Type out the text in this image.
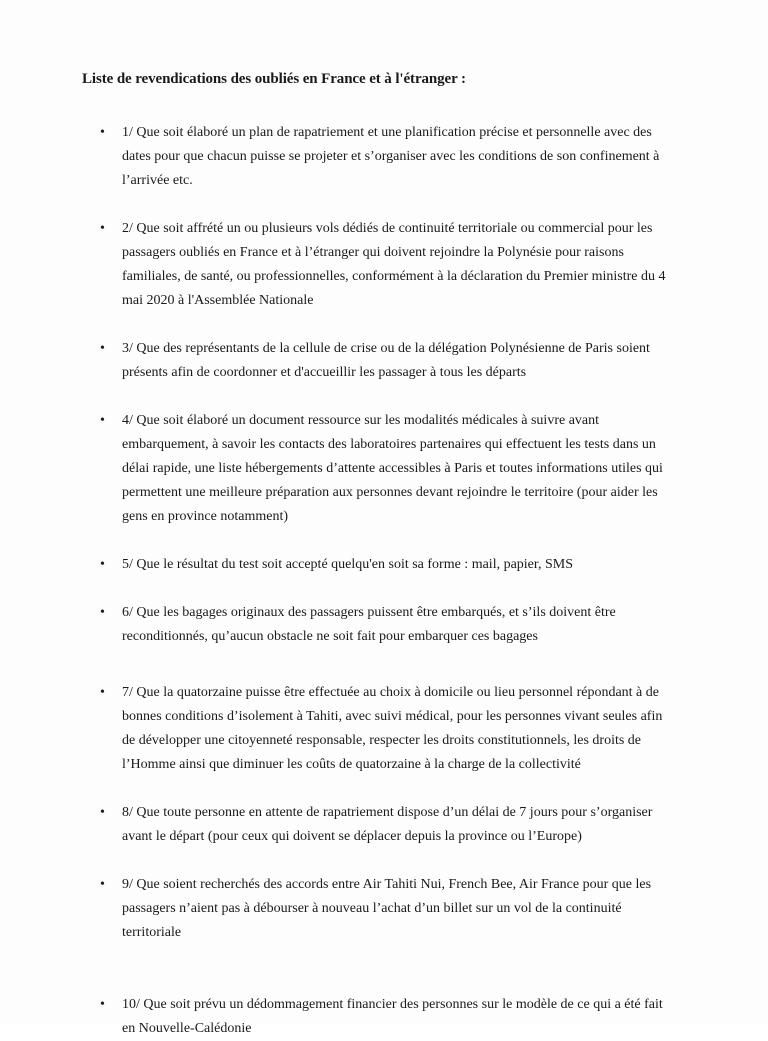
Liste de revendications des oubliés en France et à l'étranger :
• 1/ Que soit élaboré un plan de rapatriement et une planification précise et personnelle avec des
dates pour que chacun puisse se projeter et s’organiser avec les conditions de son confinement à
l’arrivée etc.
• 2/ Que soit affrété un ou plusieurs vols dédiés de continuité territoriale ou commercial pour les
passagers oubliés en France et à l’étranger qui doivent rejoindre la Polynésie pour raisons
familiales, de santé, ou professionnelles, conformément à la déclaration du Premier ministre du 4
mai 2020 à l'Assemblée Nationale
• 3/ Que des représentants de la cellule de crise ou de la délégation Polynésienne de Paris soient
présents afin de coordonner et d'accueillir les passager à tous les départs
• 4/ Que soit élaboré un document ressource sur les modalités médicales à suivre avant
embarquement, à savoir les contacts des laboratoires partenaires qui effectuent les tests dans un
délai rapide, une liste hébergements d’attente accessibles à Paris et toutes informations utiles qui
permettent une meilleure préparation aux personnes devant rejoindre le territoire (pour aider les
gens en province notamment)
• 5/ Que le résultat du test soit accepté quelqu'en soit sa forme : mail, papier, SMS
• 6/ Que les bagages originaux des passagers puissent être embarqués, et s’ils doivent être
reconditionnés, qu’aucun obstacle ne soit fait pour embarquer ces bagages
• 7/ Que la quatorzaine puisse être effectuée au choix à domicile ou lieu personnel répondant à de
bonnes conditions d’isolement à Tahiti, avec suivi médical, pour les personnes vivant seules afin
de développer une citoyenneté responsable, respecter les droits constitutionnels, les droits de
l’Homme ainsi que diminuer les coûts de quatorzaine à la charge de la collectivité
• 8/ Que toute personne en attente de rapatriement dispose d’un délai de 7 jours pour s’organiser
avant le départ (pour ceux qui doivent se déplacer depuis la province ou l’Europe)
• 9/ Que soient recherchés des accords entre Air Tahiti Nui, French Bee, Air France pour que les
passagers n’aient pas à débourser à nouveau l’achat d’un billet sur un vol de la continuité
territoriale
• 10/ Que soit prévu un dédommagement financier des personnes sur le modèle de ce qui a été fait
en Nouvelle-Calédonie
